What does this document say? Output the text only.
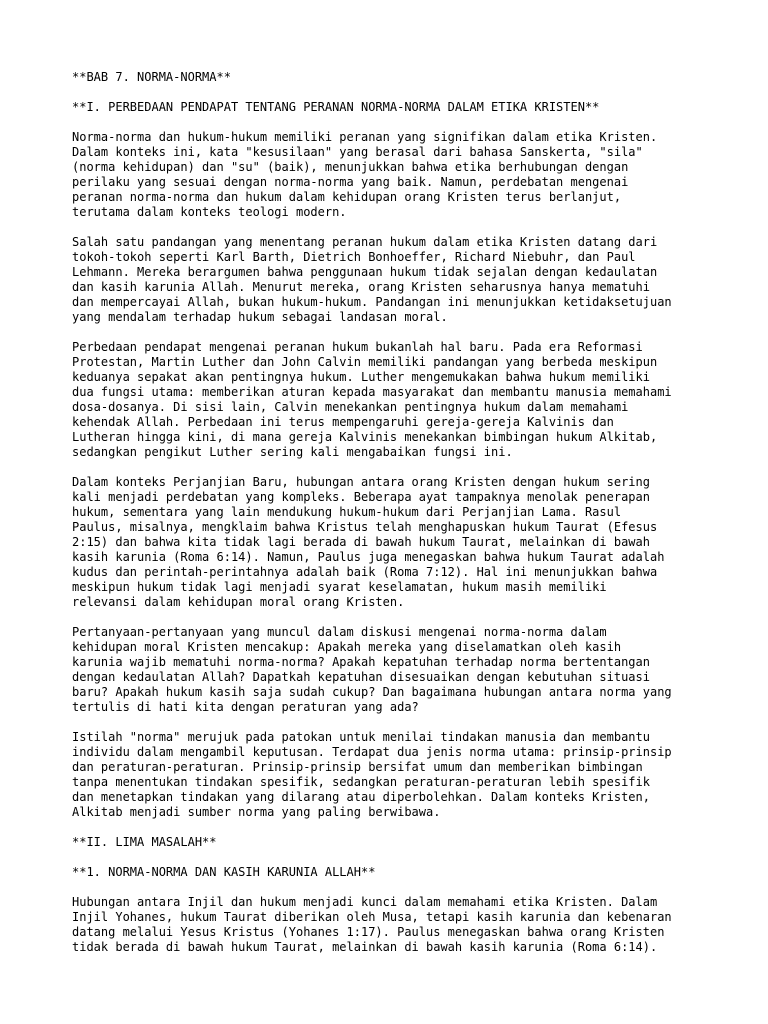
**BAB 7. NORMA-NORMA**
**I. PERBEDAAN PENDAPAT TENTANG PERANAN NORMA-NORMA DALAM ETIKA KRISTEN**
Norma-norma dan hukum-hukum memiliki peranan yang signifikan dalam etika Kristen.
Dalam konteks ini, kata "kesusilaan" yang berasal dari bahasa Sanskerta, "sila"
(norma kehidupan) dan "su" (baik), menunjukkan bahwa etika berhubungan dengan
perilaku yang sesuai dengan norma-norma yang baik. Namun, perdebatan mengenai
peranan norma-norma dan hukum dalam kehidupan orang Kristen terus berlanjut,
terutama dalam konteks teologi modern.
Salah satu pandangan yang menentang peranan hukum dalam etika Kristen datang dari
tokoh-tokoh seperti Karl Barth, Dietrich Bonhoeffer, Richard Niebuhr, dan Paul
Lehmann. Mereka berargumen bahwa penggunaan hukum tidak sejalan dengan kedaulatan
dan kasih karunia Allah. Menurut mereka, orang Kristen seharusnya hanya mematuhi
dan mempercayai Allah, bukan hukum-hukum. Pandangan ini menunjukkan ketidaksetujuan
yang mendalam terhadap hukum sebagai landasan moral.
Perbedaan pendapat mengenai peranan hukum bukanlah hal baru. Pada era Reformasi
Protestan, Martin Luther dan John Calvin memiliki pandangan yang berbeda meskipun
keduanya sepakat akan pentingnya hukum. Luther mengemukakan bahwa hukum memiliki
dua fungsi utama: memberikan aturan kepada masyarakat dan membantu manusia memahami
dosa-dosanya. Di sisi lain, Calvin menekankan pentingnya hukum dalam memahami
kehendak Allah. Perbedaan ini terus mempengaruhi gereja-gereja Kalvinis dan
Lutheran hingga kini, di mana gereja Kalvinis menekankan bimbingan hukum Alkitab,
sedangkan pengikut Luther sering kali mengabaikan fungsi ini.
Dalam konteks Perjanjian Baru, hubungan antara orang Kristen dengan hukum sering
kali menjadi perdebatan yang kompleks. Beberapa ayat tampaknya menolak penerapan
hukum, sementara yang lain mendukung hukum-hukum dari Perjanjian Lama. Rasul
Paulus, misalnya, mengklaim bahwa Kristus telah menghapuskan hukum Taurat (Efesus
2:15) dan bahwa kita tidak lagi berada di bawah hukum Taurat, melainkan di bawah
kasih karunia (Roma 6:14). Namun, Paulus juga menegaskan bahwa hukum Taurat adalah
kudus dan perintah-perintahnya adalah baik (Roma 7:12). Hal ini menunjukkan bahwa
meskipun hukum tidak lagi menjadi syarat keselamatan, hukum masih memiliki
relevansi dalam kehidupan moral orang Kristen.
Pertanyaan-pertanyaan yang muncul dalam diskusi mengenai norma-norma dalam
kehidupan moral Kristen mencakup: Apakah mereka yang diselamatkan oleh kasih
karunia wajib mematuhi norma-norma? Apakah kepatuhan terhadap norma bertentangan
dengan kedaulatan Allah? Dapatkah kepatuhan disesuaikan dengan kebutuhan situasi
baru? Apakah hukum kasih saja sudah cukup? Dan bagaimana hubungan antara norma yang
tertulis di hati kita dengan peraturan yang ada?
Istilah "norma" merujuk pada patokan untuk menilai tindakan manusia dan membantu
individu dalam mengambil keputusan. Terdapat dua jenis norma utama: prinsip-prinsip
dan peraturan-peraturan. Prinsip-prinsip bersifat umum dan memberikan bimbingan
tanpa menentukan tindakan spesifik, sedangkan peraturan-peraturan lebih spesifik
dan menetapkan tindakan yang dilarang atau diperbolehkan. Dalam konteks Kristen,
Alkitab menjadi sumber norma yang paling berwibawa.
**II. LIMA MASALAH**
**1. NORMA-NORMA DAN KASIH KARUNIA ALLAH**
Hubungan antara Injil dan hukum menjadi kunci dalam memahami etika Kristen. Dalam
Injil Yohanes, hukum Taurat diberikan oleh Musa, tetapi kasih karunia dan kebenaran
datang melalui Yesus Kristus (Yohanes 1:17). Paulus menegaskan bahwa orang Kristen
tidak berada di bawah hukum Taurat, melainkan di bawah kasih karunia (Roma 6:14).
